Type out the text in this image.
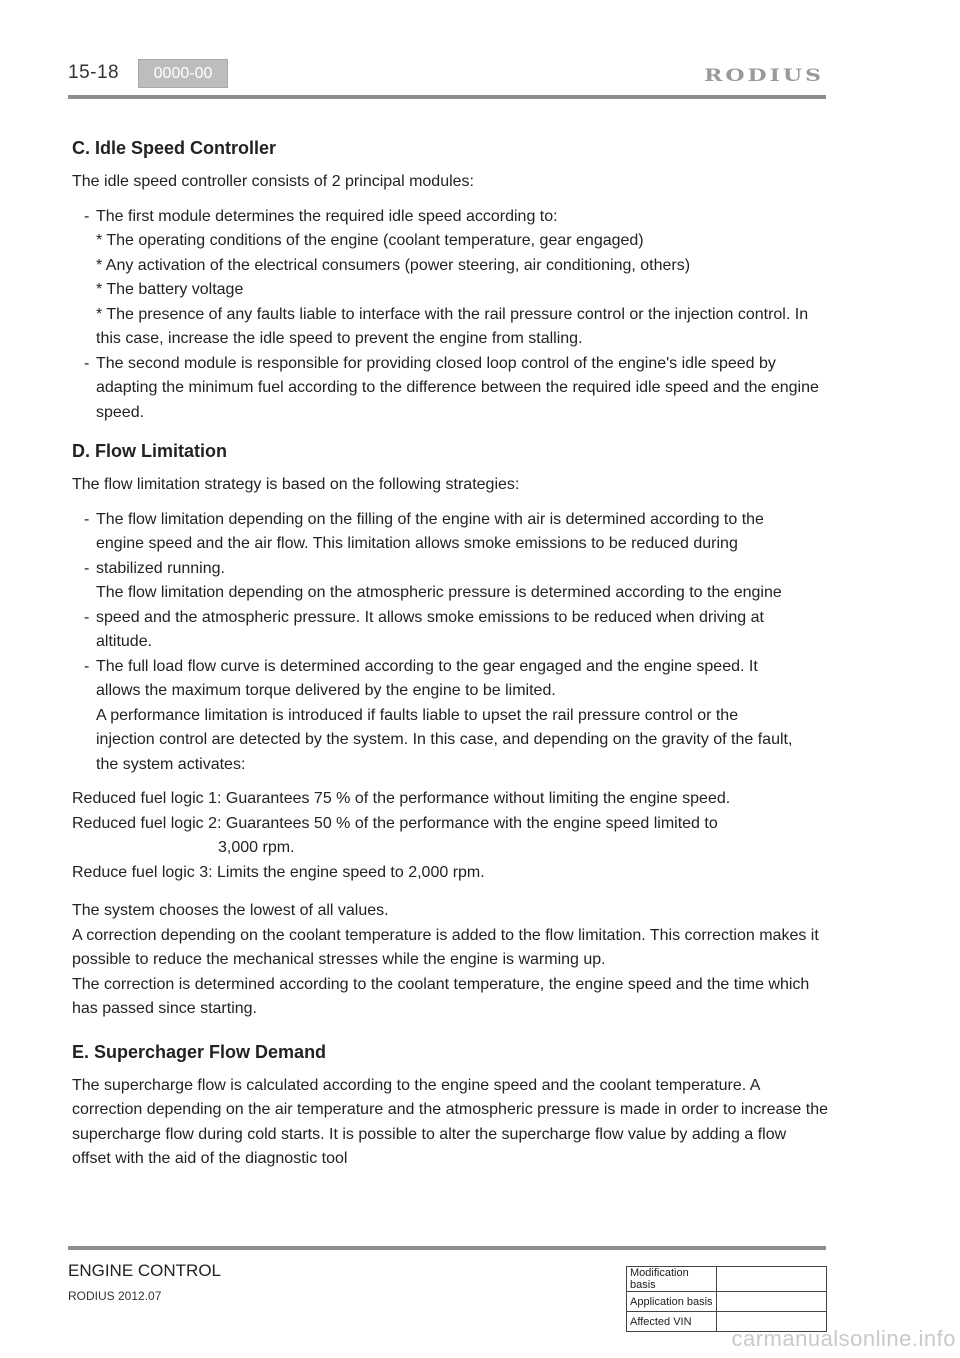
15-18	0000-00	RODIUS
C. Idle Speed Controller

The idle speed controller consists of 2 principal modules:

- The first module determines the required idle speed according to:
* The operating conditions of the engine (coolant temperature, gear engaged)
* Any activation of the electrical consumers (power steering, air conditioning, others)
* The battery voltage
* The presence of any faults liable to interface with the rail pressure control or the injection control. In this case, increase the idle speed to prevent the engine from stalling.
- The second module is responsible for providing closed loop control of the engine's idle speed by adapting the minimum fuel according to the difference between the required idle speed and the engine speed.
D. Flow Limitation

The flow limitation strategy is based on the following strategies:

- The flow limitation depending on the filling of the engine with air is determined according to the
engine speed and the air flow. This limitation allows smoke emissions to be reduced during
- stabilized running.
The flow limitation depending on the atmospheric pressure is determined according to the engine
- speed and the atmospheric pressure. It allows smoke emissions to be reduced when driving at
altitude.
- The full load flow curve is determined according to the gear engaged and the engine speed. It
allows the maximum torque delivered by the engine to be limited.
A performance limitation is introduced if faults liable to upset the rail pressure control or the
injection control are detected by the system. In this case, and depending on the gravity of the fault,
the system activates:
Reduced fuel logic 1: Guarantees 75 % of the performance without limiting the engine speed.
Reduced fuel logic 2: Guarantees 50 % of the performance with the engine speed limited to
3,000 rpm.
Reduce fuel logic 3: Limits the engine speed to 2,000 rpm.

The system chooses the lowest of all values.

A correction depending on the coolant temperature is added to the flow limitation. This correction makes it possible to reduce the mechanical stresses while the engine is warming up.

The correction is determined according to the coolant temperature, the engine speed and the time which has passed since starting.

E. Superchager Flow Demand

The supercharge flow is calculated according to the engine speed and the coolant temperature. A correction depending on the air temperature and the atmospheric pressure is made in order to increase the supercharge flow during cold starts. It is possible to alter the supercharge flow value by adding a flow offset with the aid of the diagnostic tool

ENGINE CONTROL
RODIUS 2012.07
Modification basis	
Application basis	
Affected VIN	
carmanualsonline.info
